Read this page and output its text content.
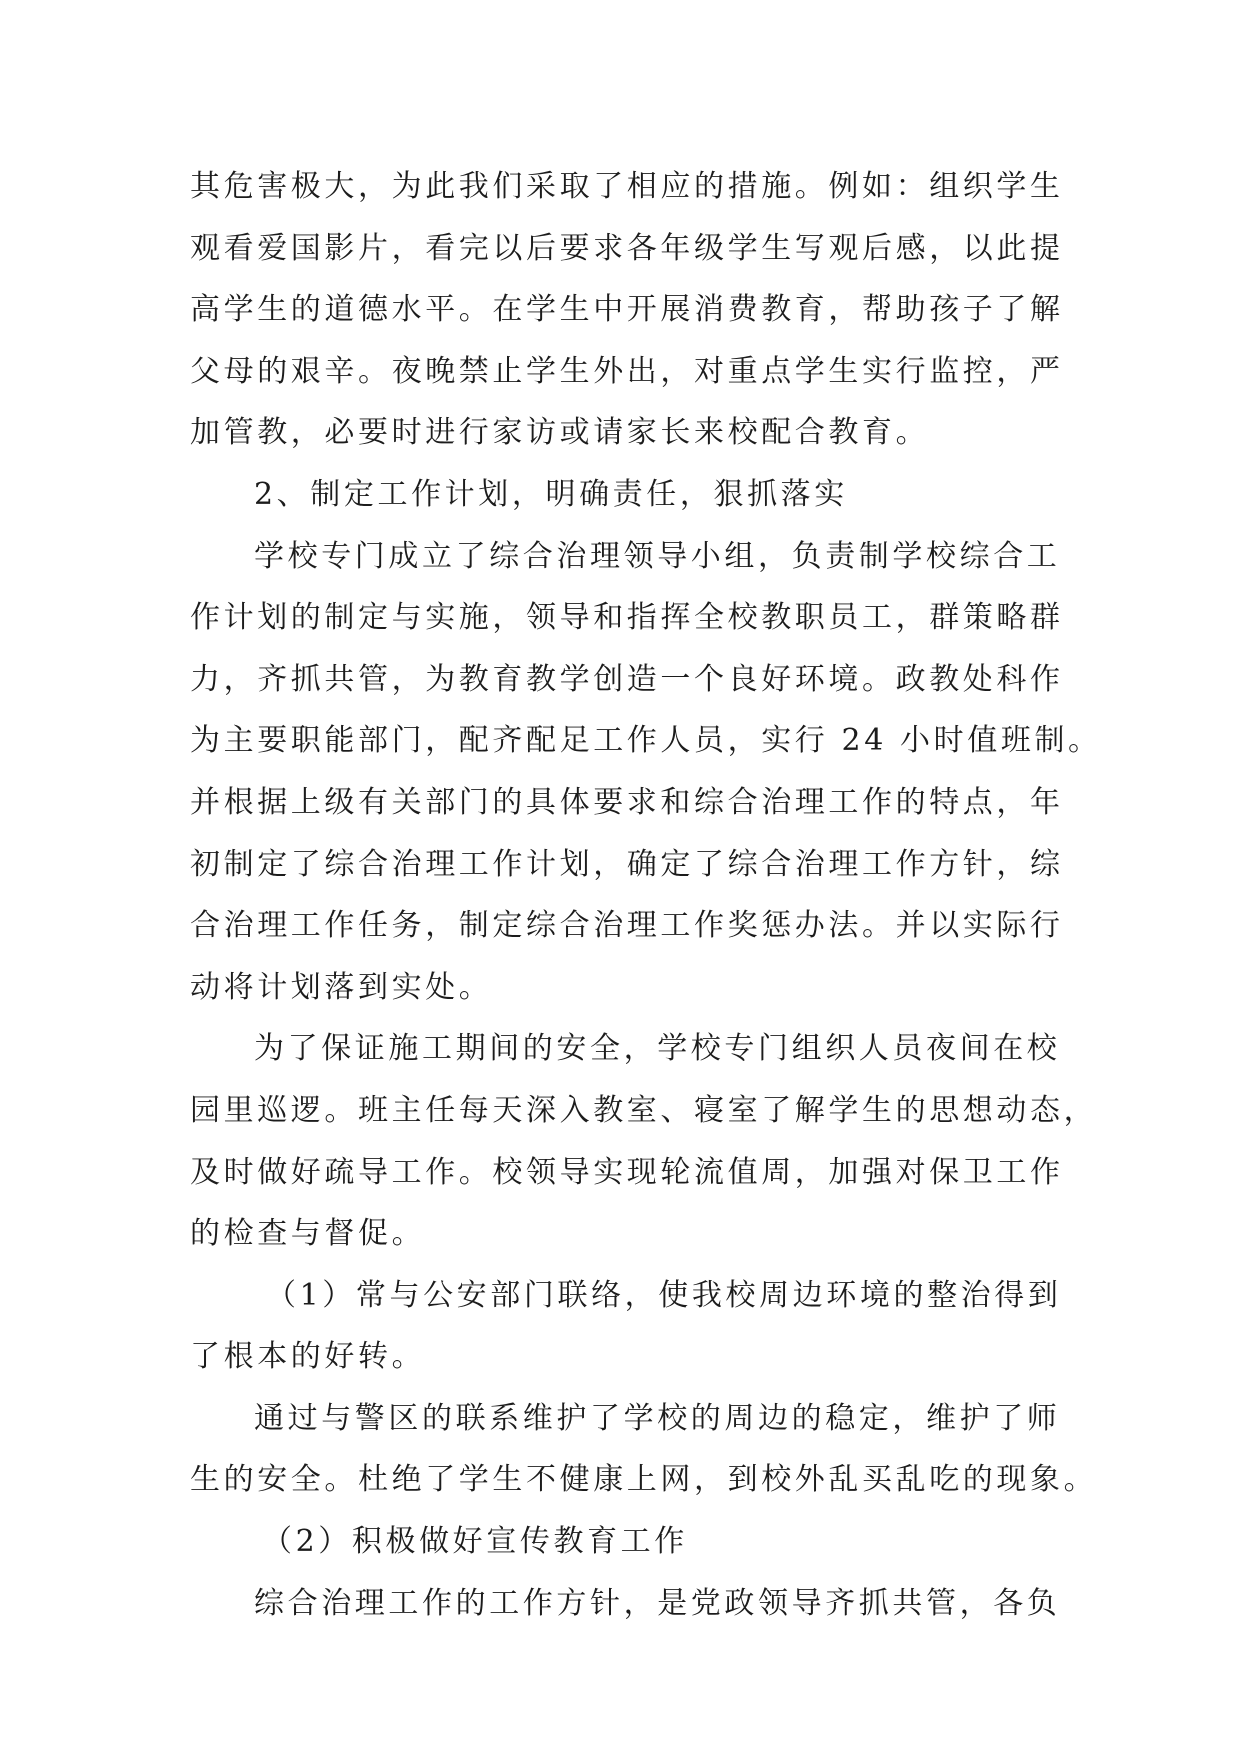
其危害极大，为此我们采取了相应的措施。例如：组织学生
观看爱国影片，看完以后要求各年级学生写观后感，以此提
高学生的道德水平。在学生中开展消费教育，帮助孩子了解
父母的艰辛。夜晚禁止学生外出，对重点学生实行监控，严
加管教，必要时进行家访或请家长来校配合教育。
2、制定工作计划，明确责任，狠抓落实
学校专门成立了综合治理领导小组，负责制学校综合工
作计划的制定与实施，领导和指挥全校教职员工，群策略群
力，齐抓共管，为教育教学创造一个良好环境。政教处科作
为主要职能部门，配齐配足工作人员，实行 24 小时值班制。
并根据上级有关部门的具体要求和综合治理工作的特点，年
初制定了综合治理工作计划，确定了综合治理工作方针，综
合治理工作任务，制定综合治理工作奖惩办法。并以实际行
动将计划落到实处。
为了保证施工期间的安全，学校专门组织人员夜间在校
园里巡逻。班主任每天深入教室、寝室了解学生的思想动态，
及时做好疏导工作。校领导实现轮流值周，加强对保卫工作
的检查与督促。
（1）常与公安部门联络，使我校周边环境的整治得到
了根本的好转。
通过与警区的联系维护了学校的周边的稳定，维护了师
生的安全。杜绝了学生不健康上网，到校外乱买乱吃的现象。
（2）积极做好宣传教育工作
综合治理工作的工作方针，是党政领导齐抓共管，各负
